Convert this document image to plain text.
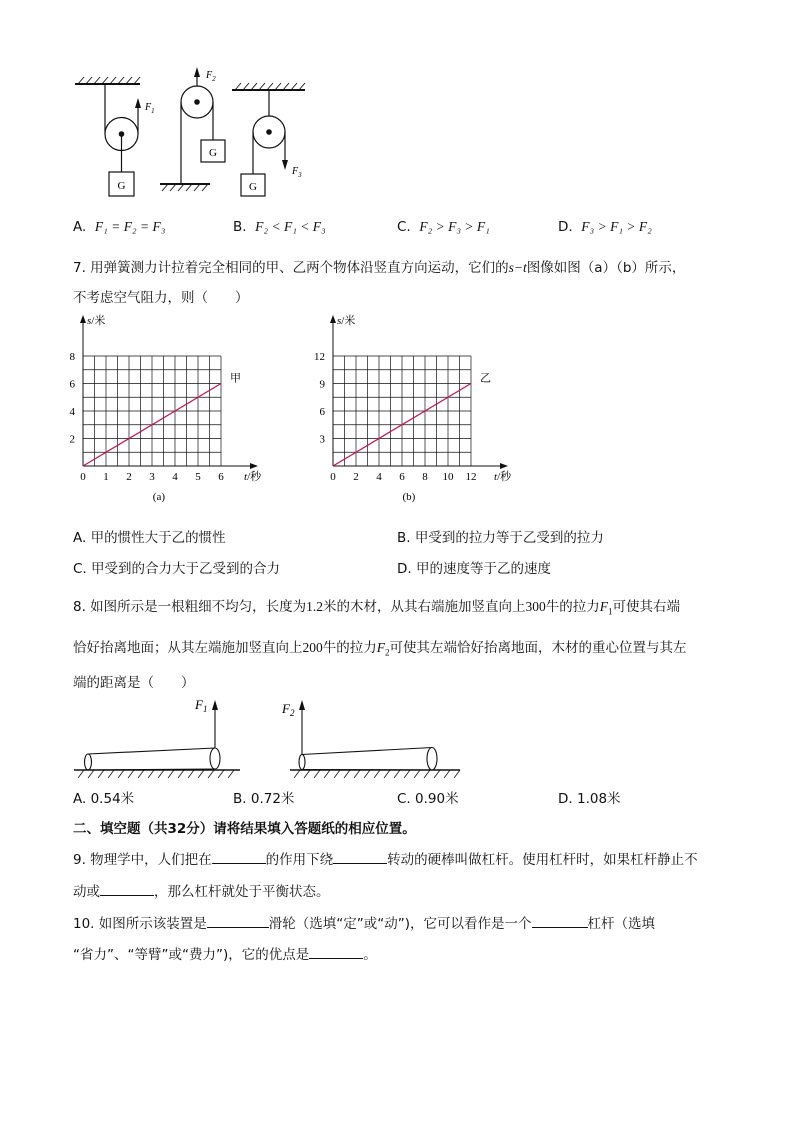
G
$F_1$
G
$F_2$
G
$F_3$
A. F₁ = F₂ = F₃	B. F₂ < F₁ < F₃	C. F₂ > F₃ > F₁	D. F₃ > F₁ > F₂
7. 用弹簧测力计拉着完全相同的甲、乙两个物体沿竖直方向运动，它们的s−t图像如图（a）（b）所示，
不考虑空气阻力，则（　　）
0 1 2 3 4 5 6
2
4
6
8
s/米
t/秒
甲
(a)
0 2 4 6 8 10 12
3
6
9
12
s/米
t/秒
乙
(b)
A. 甲的惯性大于乙的惯性	B. 甲受到的拉力等于乙受到的拉力
C. 甲受到的合力大于乙受到的合力	D. 甲的速度等于乙的速度
8. 如图所示是一根粗细不均匀，长度为1.2米的木材，从其右端施加竖直向上300牛的拉力$F_1$可使其右端
恰好抬离地面；从其左端施加竖直向上200牛的拉力$F_2$可使其左端恰好抬离地面，木材的重心位置与其左
端的距离是（　　）
$F_1$	$F_2$
A. 0.54米	B. 0.72米	C. 0.90米	D. 1.08米
二、填空题（共32分）请将结果填入答题纸的相应位置。
9. 物理学中，人们把在	的作用下绕	转动的硬棒叫做杠杆。使用杠杆时，如果杠杆静止不
动或	，那么杠杆就处于平衡状态。
10. 如图所示该装置是	滑轮（选填“定”或“动”)，它可以看作是一个	杠杆（选填
“省力”、“等臂”或“费力”)，它的优点是	。
